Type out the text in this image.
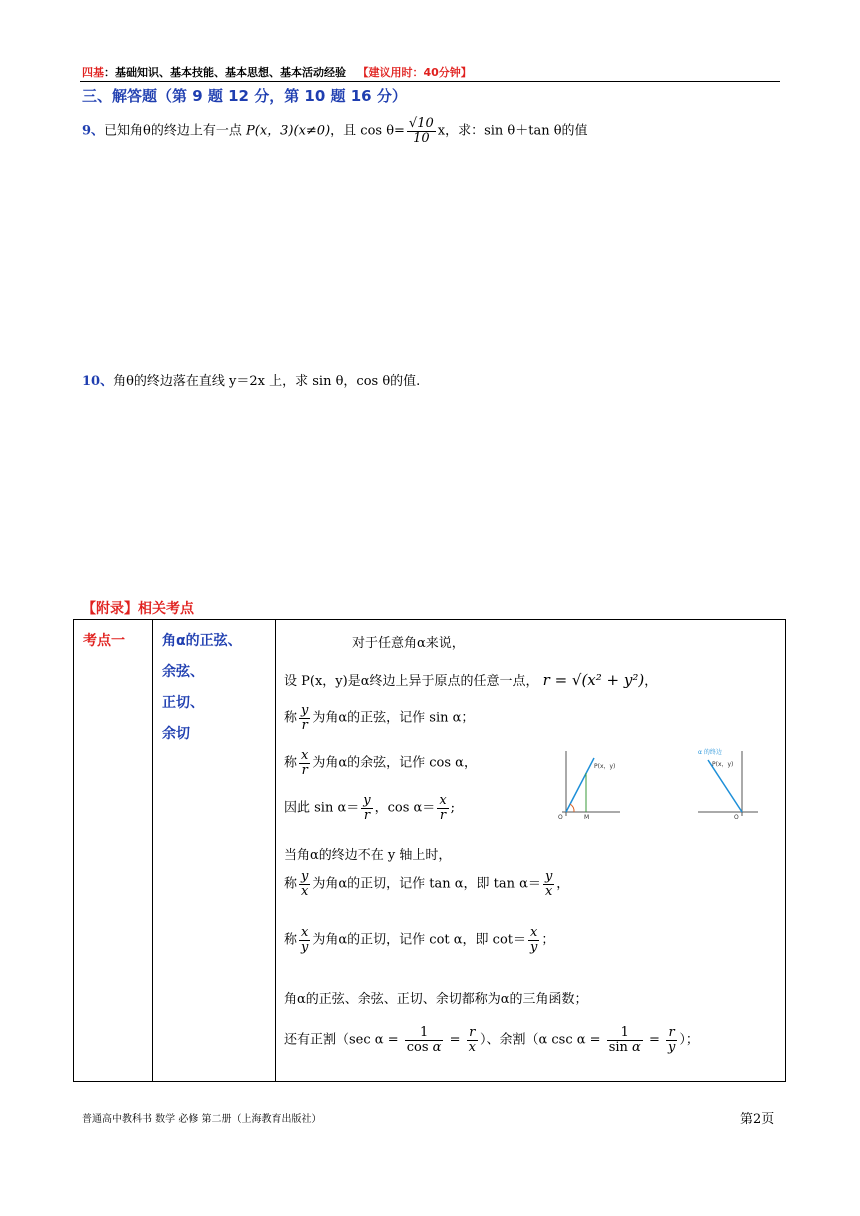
四基：基础知识、基本技能、基本思想、基本活动经验 【建议用时：40分钟】
三、解答题（第 9 题 12 分，第 10 题 16 分）
9、已知角θ的终边上有一点 P(x，3)(x≠0)，且 $\cos \theta= \frac{√10}{10}$ x，求：sin θ＋tan θ的值
10、角θ的终边落在直线 y＝2x 上，求 sin θ，cos θ的值.
【附录】相关考点
考点一	角α的正弦、
余弦、
正切、
余切

对于任意角α来说，
设 P(x，y)是α终边上异于原点的任意一点， r = √(x² + y²)，
称 $\frac{y}{r}$ 为角α的正弦，记作 sin α；
称 $\frac{x}{r}$ 为角α的余弦，记作 cos α，
因此 $\sin \alpha= \frac{y}{r}$ ，$\cos \alpha= \frac{x}{r}$ ;
当角α的终边不在 y 轴上时，
称 $\frac{y}{x}$ 为角α的正切，记作 tan α，即 $\tan \alpha= \frac{y}{x}$ ，
称 $\frac{x}{y}$ 为角α的正切，记作 cot α，即 $\cot= \frac{x}{y}$ ；
角α的正弦、余弦、正切、余切都称为α的三角函数；
还有正割（sec $\alpha = \frac{1}{\text{cos α}} = \frac{r}{x}$ ）、余割（α $\csc \alpha = \frac{1}{\text{sin α}} = \frac{r}{y}$ ）；
P(x，y)
O	M
α 的终边
P(x，y)
O
普通高中教科书 数学 必修 第二册（上海教育出版社）	第2页
